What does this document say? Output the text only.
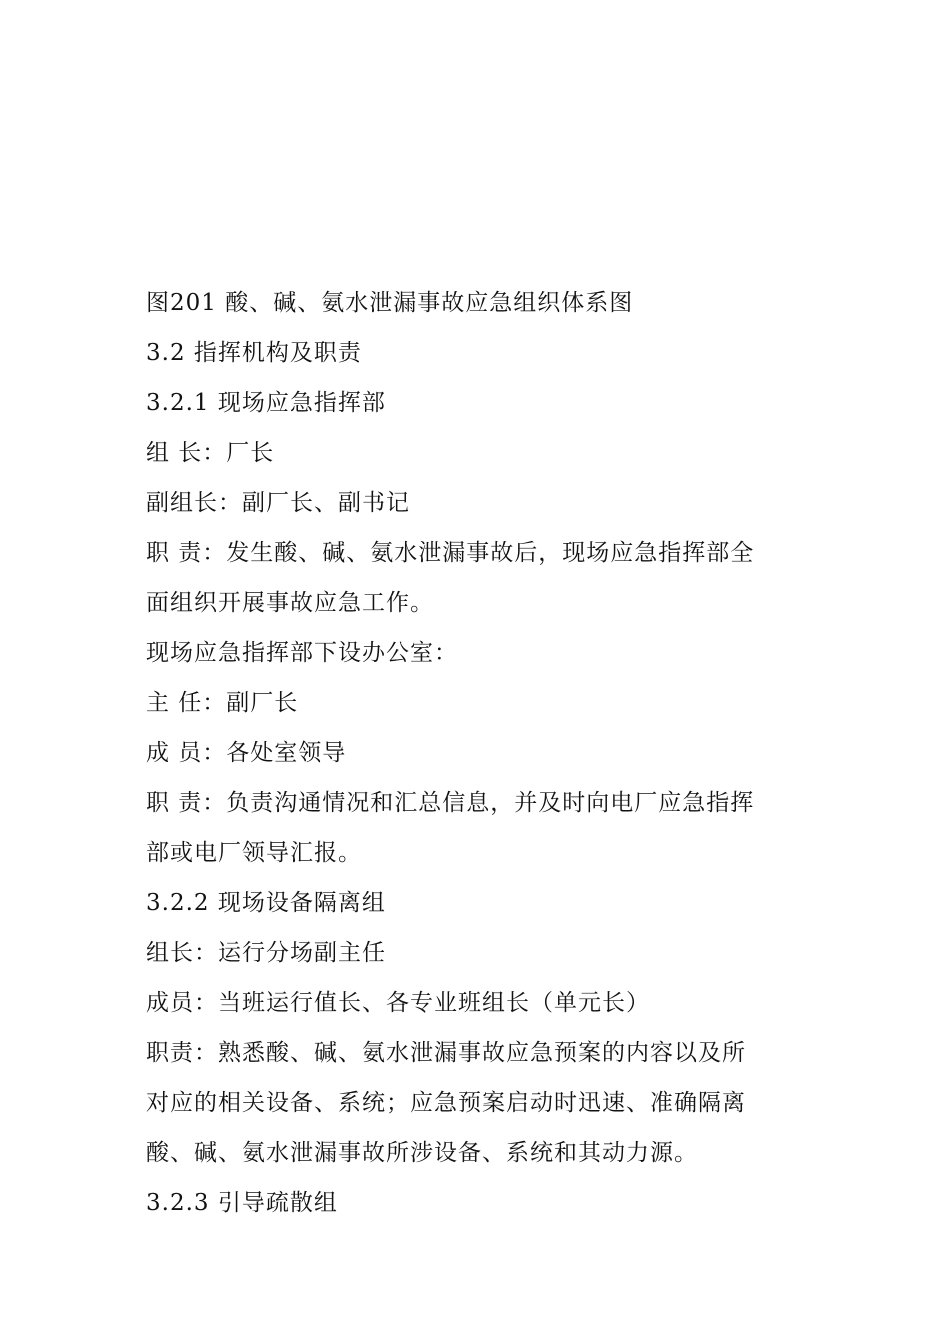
图201 酸、碱、氨水泄漏事故应急组织体系图
3.2 指挥机构及职责
3.2.1 现场应急指挥部
组 长：厂长
副组长：副厂长、副书记
职 责：发生酸、碱、氨水泄漏事故后，现场应急指挥部全
面组织开展事故应急工作。
现场应急指挥部下设办公室：
主 任：副厂长
成 员：各处室领导
职 责：负责沟通情况和汇总信息，并及时向电厂应急指挥
部或电厂领导汇报。
3.2.2 现场设备隔离组
组长：运行分场副主任
成员：当班运行值长、各专业班组长（单元长）
职责：熟悉酸、碱、氨水泄漏事故应急预案的内容以及所
对应的相关设备、系统；应急预案启动时迅速、准确隔离
酸、碱、氨水泄漏事故所涉设备、系统和其动力源。
3.2.3 引导疏散组
